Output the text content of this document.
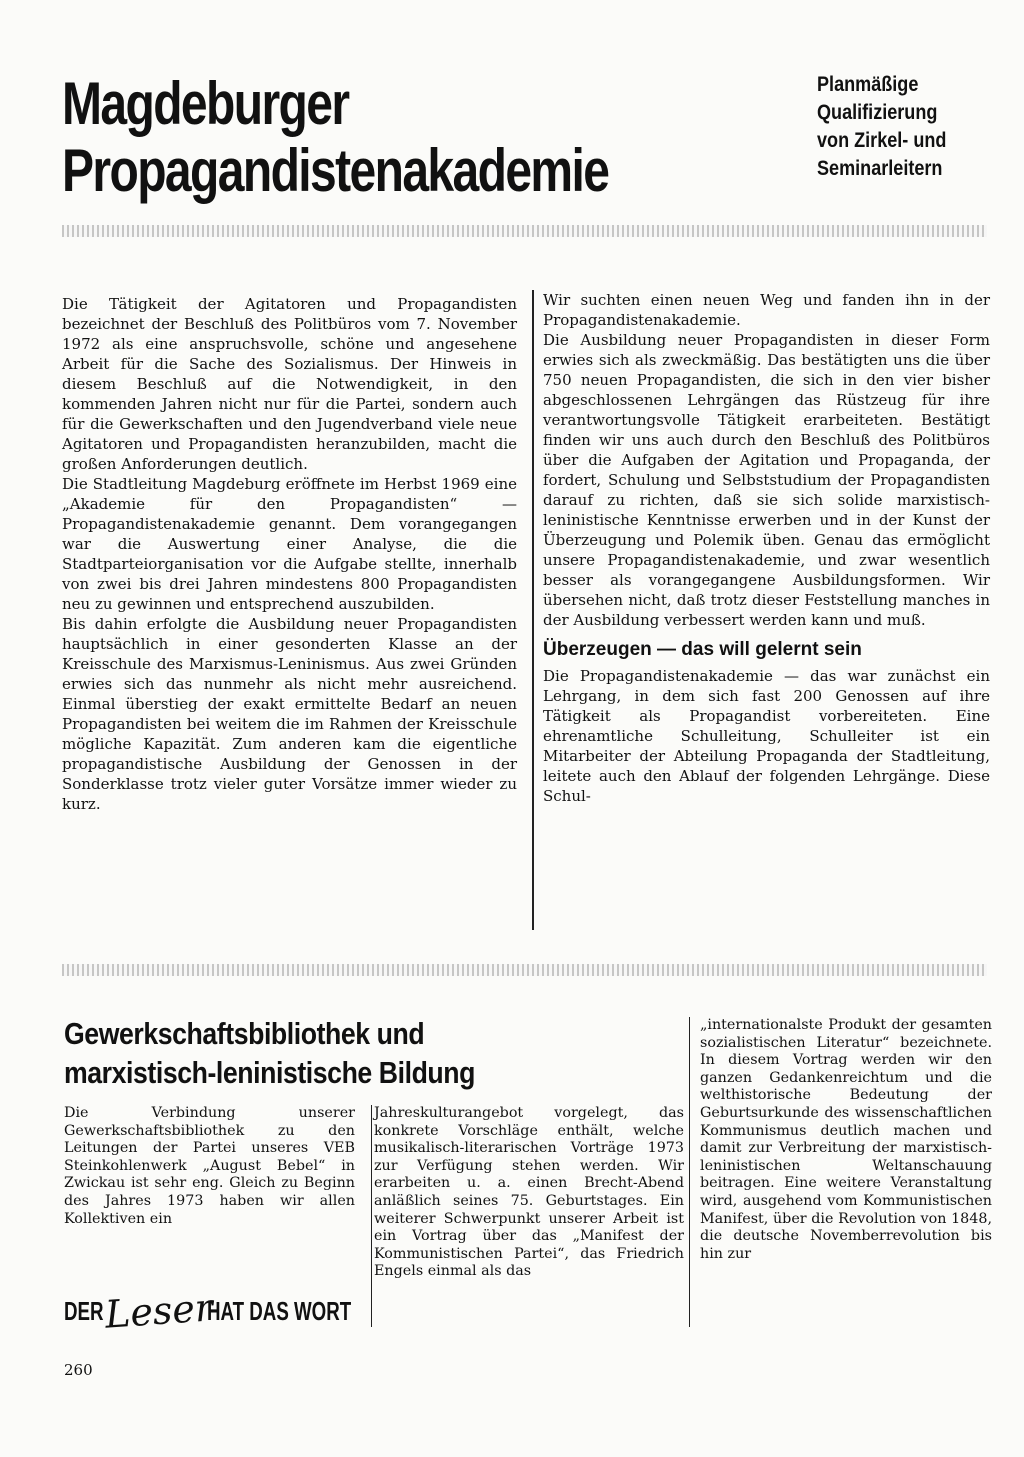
Magdeburger
Propagandistenakademie
Planmäßige
Qualifizierung
von Zirkel- und
Seminarleitern

Die Tätigkeit der Agitatoren und Propagandisten bezeichnet der Beschluß des Politbüros vom 7. November 1972 als eine anspruchsvolle, schöne und angesehene Arbeit für die Sache des Sozialismus. Der Hinweis in diesem Beschluß auf die Notwendigkeit, in den kommenden Jahren nicht nur für die Partei, sondern auch für die Gewerkschaften und den Jugendverband viele neue Agitatoren und Propagandisten heranzubilden, macht die großen Anforderungen deutlich.

Die Stadtleitung Magdeburg eröffnete im Herbst 1969 eine „Akademie für den Propagandisten“ — Propagandistenakademie genannt. Dem vorangegangen war die Auswertung einer Analyse, die die Stadtparteiorganisation vor die Aufgabe stellte, innerhalb von zwei bis drei Jahren mindestens 800 Propagandisten neu zu gewinnen und entsprechend auszubilden.

Bis dahin erfolgte die Ausbildung neuer Propagandisten hauptsächlich in einer gesonderten Klasse an der Kreisschule des Marxismus-Leninismus. Aus zwei Gründen erwies sich das nunmehr als nicht mehr ausreichend. Einmal überstieg der exakt ermittelte Bedarf an neuen Propagandisten bei weitem die im Rahmen der Kreisschule mögliche Kapazität. Zum anderen kam die eigentliche propagandistische Ausbildung der Genossen in der Sonderklasse trotz vieler guter Vorsätze immer wieder zu kurz.

Wir suchten einen neuen Weg und fanden ihn in der Propagandistenakademie.

Die Ausbildung neuer Propagandisten in dieser Form erwies sich als zweckmäßig. Das bestätigten uns die über 750 neuen Propagandisten, die sich in den vier bisher abgeschlossenen Lehrgängen das Rüstzeug für ihre verantwortungsvolle Tätigkeit erarbeiteten. Bestätigt finden wir uns auch durch den Beschluß des Politbüros über die Aufgaben der Agitation und Propaganda, der fordert, Schulung und Selbststudium der Propagandisten darauf zu richten, daß sie sich solide marxistisch-leninistische Kenntnisse erwerben und in der Kunst der Überzeugung und Polemik üben. Genau das ermöglicht unsere Propagandistenakademie, und zwar wesentlich besser als vorangegangene Ausbildungsformen. Wir übersehen nicht, daß trotz dieser Feststellung manches in der Ausbildung verbessert werden kann und muß.

Überzeugen — das will gelernt sein

Die Propagandistenakademie — das war zunächst ein Lehrgang, in dem sich fast 200 Genossen auf ihre Tätigkeit als Propagandist vorbereiteten. Eine ehrenamtliche Schulleitung, Schulleiter ist ein Mitarbeiter der Abteilung Propaganda der Stadtleitung, leitete auch den Ablauf der folgenden Lehrgänge. Diese Schul-

Gewerkschaftsbibliothek und
marxistisch-leninistische Bildung

Die Verbindung unserer Gewerkschaftsbibliothek zu den Leitungen der Partei unseres VEB Steinkohlenwerk „August Bebel“ in Zwickau ist sehr eng. Gleich zu Beginn des Jahres 1973 haben wir allen Kollektiven ein

Jahreskulturangebot vorgelegt, das konkrete Vorschläge enthält, welche musikalisch-literarischen Vorträge 1973 zur Verfügung stehen werden. Wir erarbeiten u. a. einen Brecht-Abend anläßlich seines 75. Geburtstages. Ein weiterer Schwerpunkt unserer Arbeit ist ein Vortrag über das „Manifest der Kommunistischen Partei“, das Friedrich Engels einmal als das

„internationalste Produkt der gesamten sozialistischen Literatur“ bezeichnete. In diesem Vortrag werden wir den ganzen Gedankenreichtum und die welthistorische Bedeutung der Geburtsurkunde des wissenschaftlichen Kommunismus deutlich machen und damit zur Verbreitung der marxistisch-leninistischen Weltanschauung beitragen. Eine weitere Veranstaltung wird, ausgehend vom Kommunistischen Manifest, über die Revolution von 1848, die deutsche Novemberrevolution bis hin zur

DER Leser
HAT DAS WORT
260
